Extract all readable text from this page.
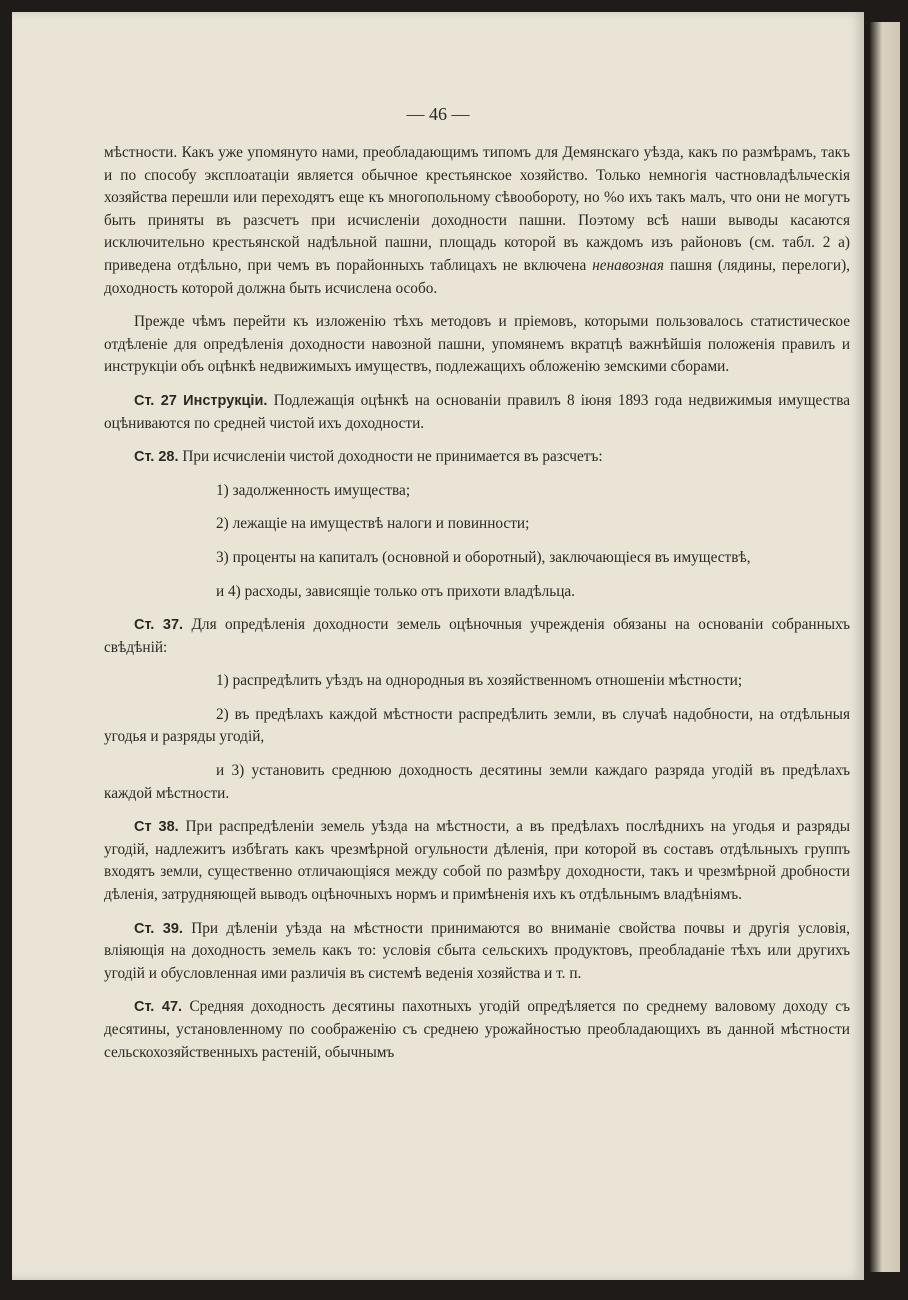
— 46 —

мѣстности. Какъ уже упомянуто нами, преобладающимъ типомъ для Демянскаго уѣзда, какъ по размѣрамъ, такъ и по способу эксплоатаціи является обычное крестьянское хозяйство. Только немногія частновладѣльческія хозяйства перешли или переходятъ еще къ многопольному сѣвообороту, но %о ихъ такъ малъ, что они не могутъ быть приняты въ разсчетъ при исчисленіи доходности пашни. Поэтому всѣ наши выводы касаются исключительно крестьянской надѣльной пашни, площадь которой въ каждомъ изъ районовъ (см. табл. 2 а) приведена отдѣльно, при чемъ въ порайонныхъ таблицахъ не включена ненавозная пашня (лядины, перелоги), доходность которой должна быть исчислена особо.

Прежде чѣмъ перейти къ изложенію тѣхъ методовъ и пріемовъ, которыми пользовалось статистическое отдѣленіе для опредѣленія доходности навозной пашни, упомянемъ вкратцѣ важнѣйшія положенія правилъ и инструкціи объ оцѣнкѣ недвижимыхъ имуществъ, подлежащихъ обложенію земскими сборами.

Ст. 27 Инструкціи. Подлежащія оцѣнкѣ на основаніи правилъ 8 іюня 1893 года недвижимыя имущества оцѣниваются по средней чистой ихъ доходности.

Ст. 28. При исчисленіи чистой доходности не принимается въ разсчетъ:

1) задолженность имущества;

2) лежащіе на имуществѣ налоги и повинности;

3) проценты на капиталъ (основной и оборотный), заключающіеся въ имуществѣ,

и 4) расходы, зависящіе только отъ прихоти владѣльца.

Ст. 37. Для опредѣленія доходности земель оцѣночныя учрежденія обязаны на основаніи собранныхъ свѣдѣній:

1) распредѣлить уѣздъ на однородныя въ хозяйственномъ отношеніи мѣстности;

2) въ предѣлахъ каждой мѣстности распредѣлить земли, въ случаѣ надобности, на отдѣльныя угодья и разряды угодій,

и 3) установить среднюю доходность десятины земли каждаго разряда угодій въ предѣлахъ каждой мѣстности.

Ст 38. При распредѣленіи земель уѣзда на мѣстности, а въ предѣлахъ послѣднихъ на угодья и разряды угодій, надлежитъ избѣгать какъ чрезмѣрной огульности дѣленія, при которой въ составъ отдѣльныхъ группъ входятъ земли, существенно отличающіяся между собой по размѣру доходности, такъ и чрезмѣрной дробности дѣленія, затрудняющей выводъ оцѣночныхъ нормъ и примѣненія ихъ къ отдѣльнымъ владѣніямъ.

Ст. 39. При дѣленіи уѣзда на мѣстности принимаются во вниманіе свойства почвы и другія условія, вліяющія на доходность земель какъ то: условія сбыта сельскихъ продуктовъ, преобладаніе тѣхъ или другихъ угодій и обусловленная ими различія въ системѣ веденія хозяйства и т. п.

Ст. 47. Средняя доходность десятины пахотныхъ угодій опредѣляется по среднему валовому доходу съ десятины, установленному по соображенію съ среднею урожайностью преобладающихъ въ данной мѣстности сельскохозяйственныхъ растеній, обычнымъ
